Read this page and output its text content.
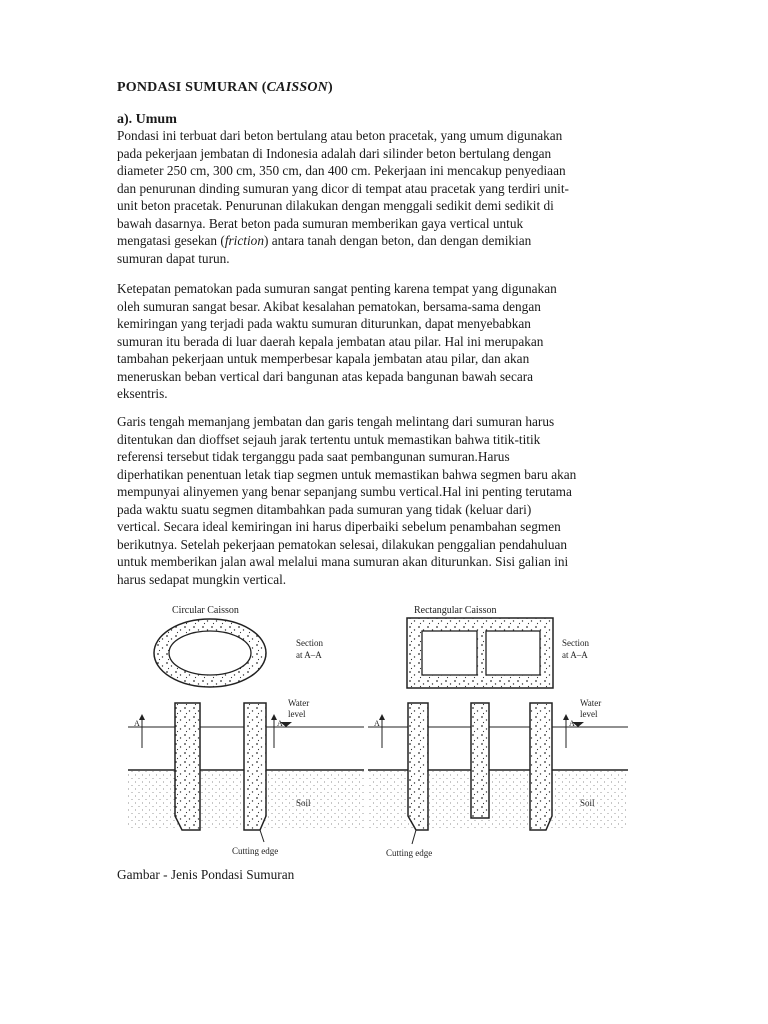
PONDASI SUMURAN (CAISSON)
a). Umum
Pondasi ini terbuat dari beton bertulang atau beton pracetak, yang umum digunakan
pada pekerjaan jembatan di Indonesia adalah dari silinder beton bertulang dengan
diameter 250 cm, 300 cm, 350 cm, dan 400 cm. Pekerjaan ini mencakup penyediaan
dan penurunan dinding sumuran yang dicor di tempat atau pracetak yang terdiri unit-
unit beton pracetak. Penurunan dilakukan dengan menggali sedikit demi sedikit di
bawah dasarnya. Berat beton pada sumuran memberikan gaya vertical untuk
mengatasi gesekan (friction) antara tanah dengan beton, dan dengan demikian
sumuran dapat turun.
Ketepatan pematokan pada sumuran sangat penting karena tempat yang digunakan
oleh sumuran sangat besar. Akibat kesalahan pematokan, bersama-sama dengan
kemiringan yang terjadi pada waktu sumuran diturunkan, dapat menyebabkan
sumuran itu berada di luar daerah kepala jembatan atau pilar. Hal ini merupakan
tambahan pekerjaan untuk memperbesar kapala jembatan atau pilar, dan akan
meneruskan beban vertical dari bangunan atas kepada bangunan bawah secara
eksentris.
Garis tengah memanjang jembatan dan garis tengah melintang dari sumuran harus
ditentukan dan dioffset sejauh jarak tertentu untuk memastikan bahwa titik-titik
referensi tersebut tidak terganggu pada saat pembangunan sumuran.Harus
diperhatikan penentuan letak tiap segmen untuk memastikan bahwa segmen baru akan
mempunyai alinyemen yang benar sepanjang sumbu vertical.Hal ini penting terutama
pada waktu suatu segmen ditambahkan pada sumuran yang tidak (keluar dari)
vertical. Secara ideal kemiringan ini harus diperbaiki sebelum penambahan segmen
berikutnya. Setelah pekerjaan pematokan selesai, dilakukan penggalian pendahuluan
untuk memberikan jalan awal melalui mana sumuran akan diturunkan. Sisi galian ini
harus sedapat mungkin vertical.
Circular Caisson
Section
at A–A
Water
level
A	A
Cutting edge
Soil
Rectangular Caisson
Section
at A–A
Water
level
A	A
Cutting edge
Soil
Gambar - Jenis Pondasi Sumuran
